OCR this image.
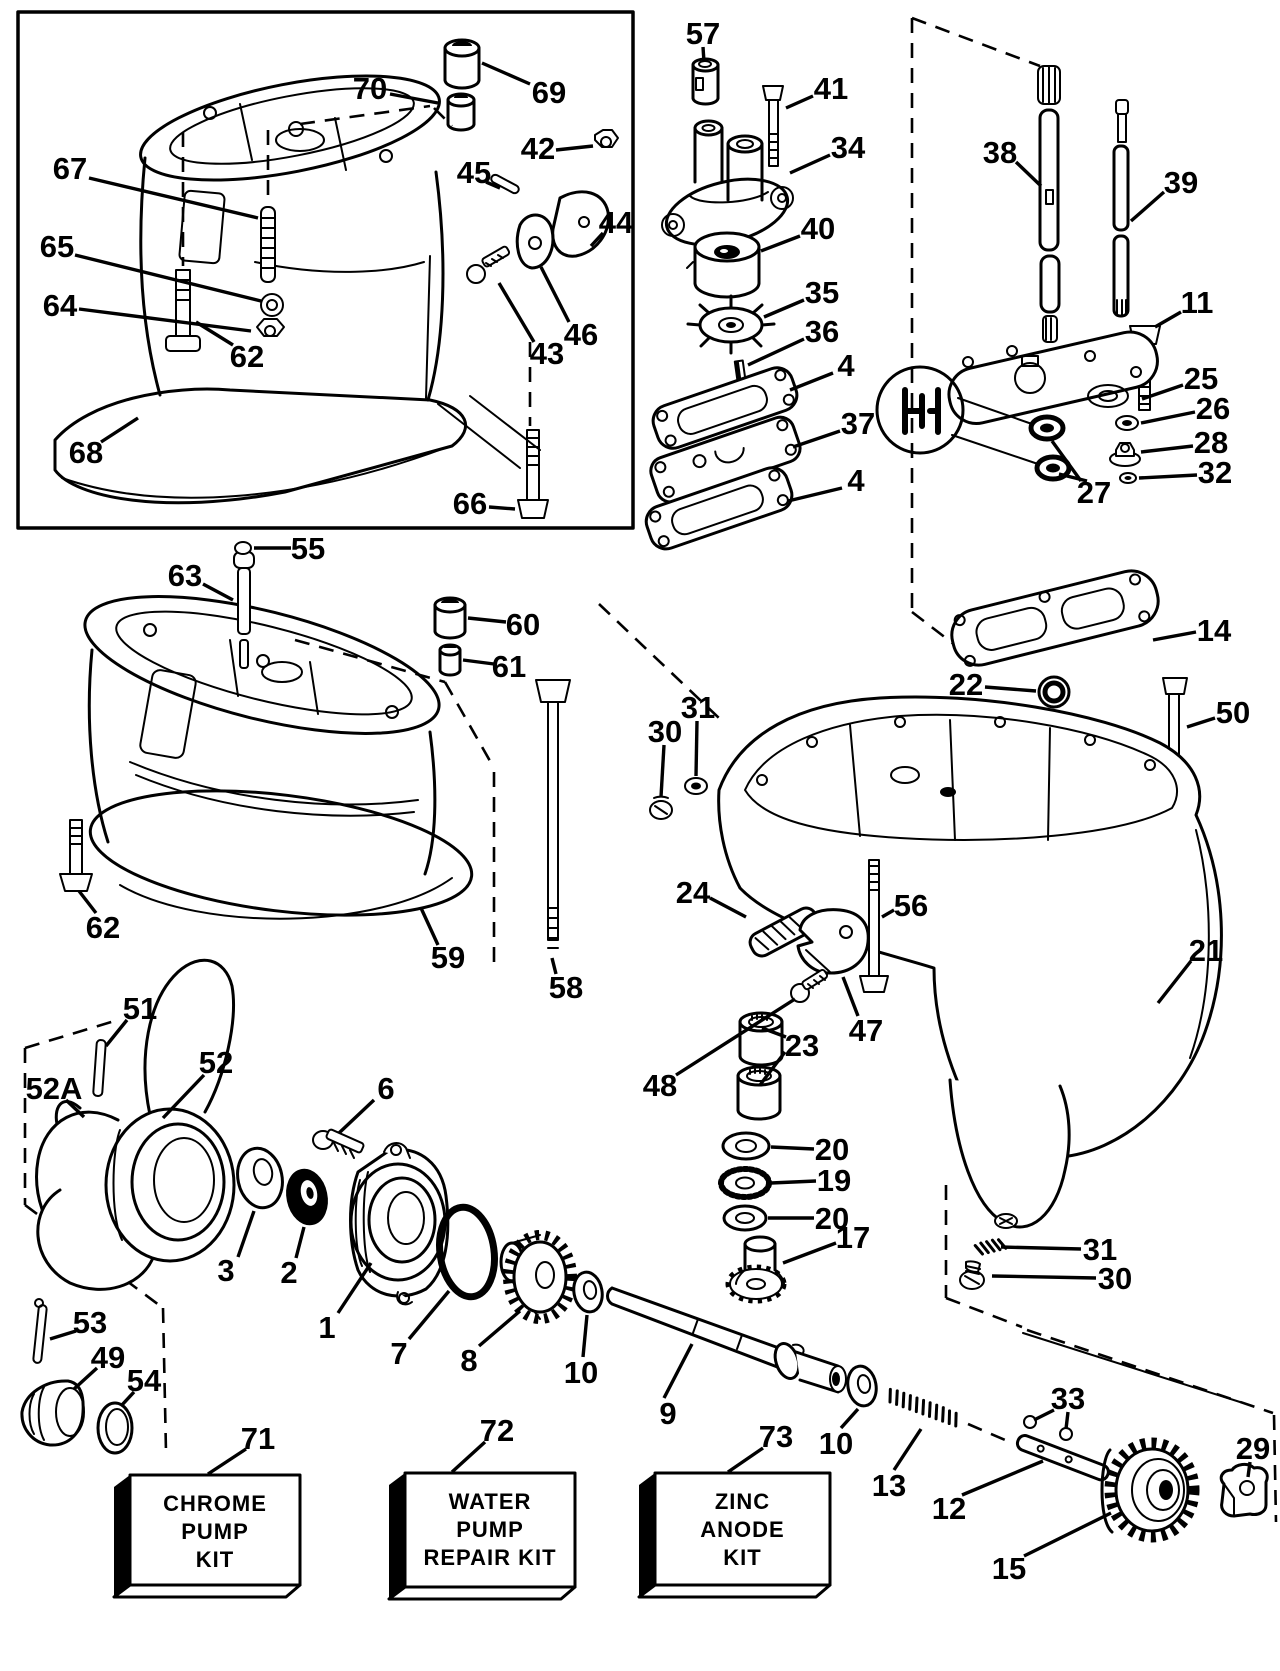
70	69
42
45
67
65
64
62
44
46
43
68
66
57
41
34
40
35
36
4
37
4
38
39
11
25
26
28
32
27
14
22
50
55
63
60
61
62
59
58
30
31
24
47
56
48
23
20
19
20
17
21
31
30
51
52A
52
6
3 2
1
7 8	10
53
49
54
9
10
13
12
33
29
15
CHROME
PUMP
KIT
71
WATER
PUMP
REPAIR KIT
72
ZINC
ANODE
KIT
73
